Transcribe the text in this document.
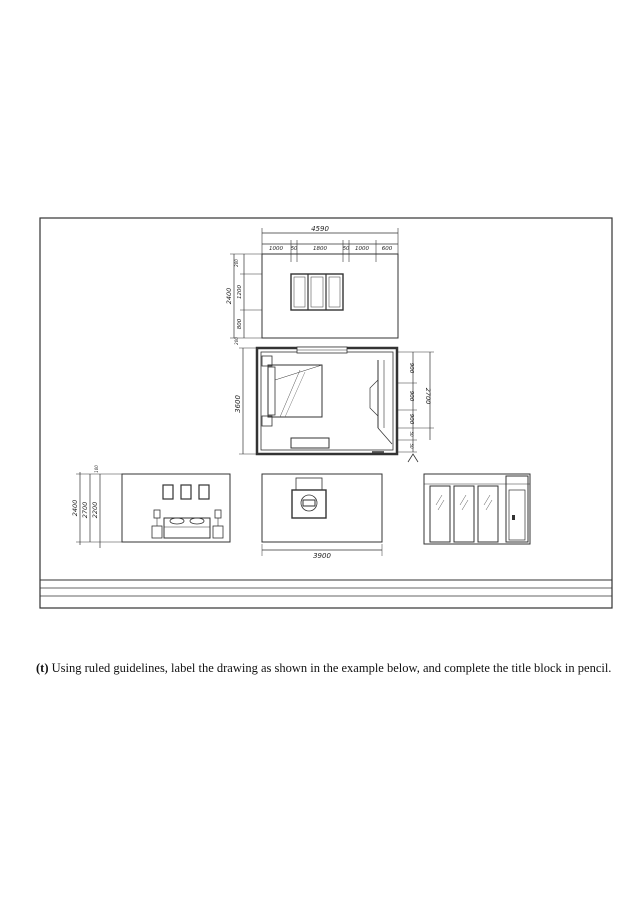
4590
1000 50	1800	50 1000 600
2400 1200
800
200
200
3600
900
900
900
2700
50
50
2400 2700 2200
100
3900

(t) Using ruled guidelines, label the drawing as shown in the example below, and complete the title block in pencil.
